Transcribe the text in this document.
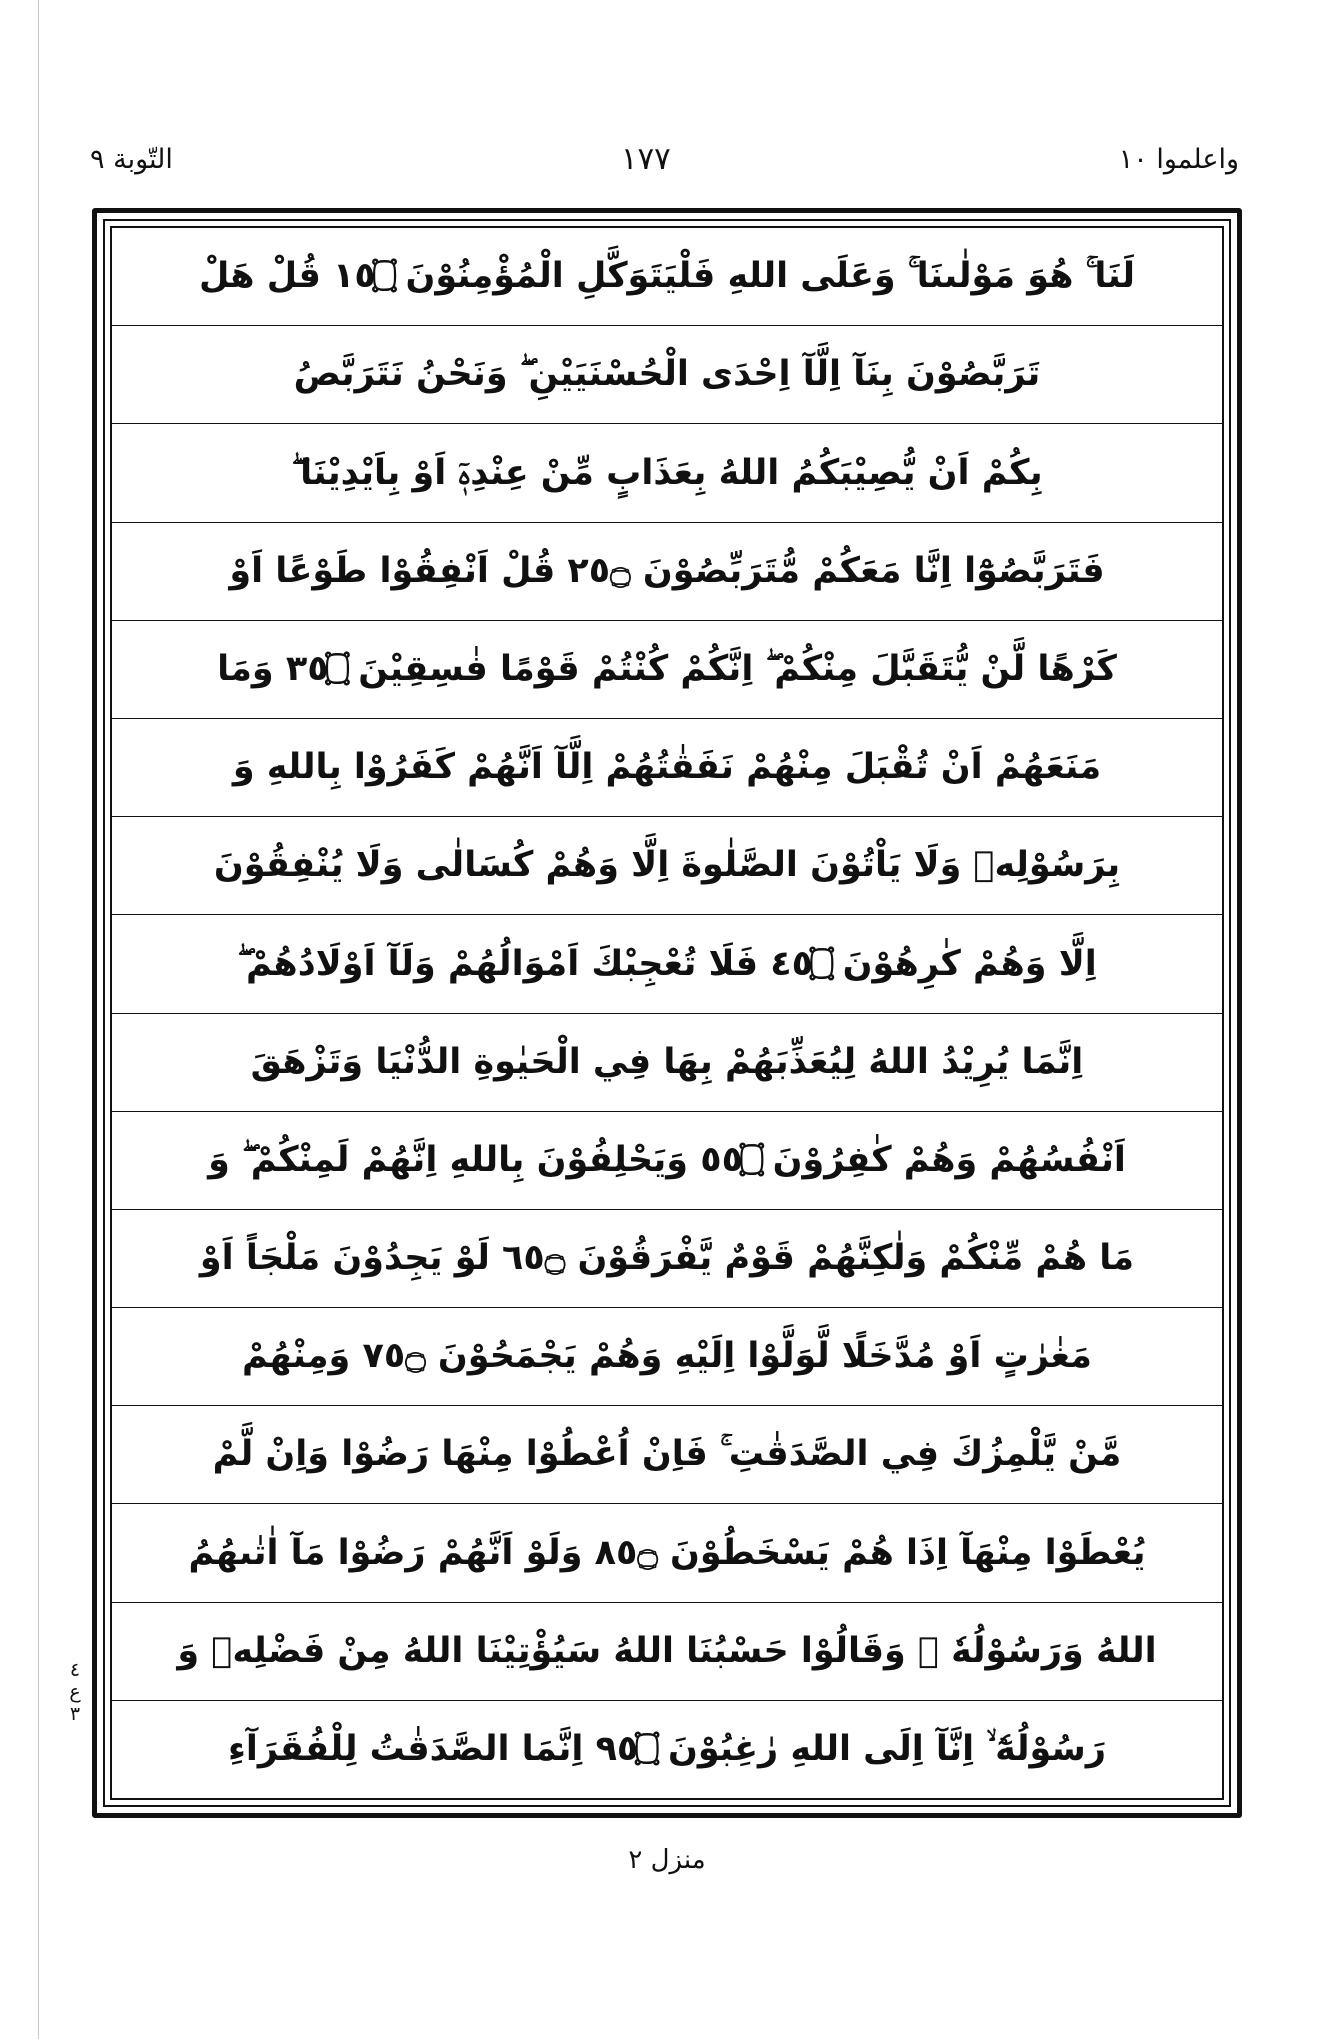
واعلموا ١٠
١٧٧
التّوبة ٩
٤
ع
٣
لَنَا ۚ هُوَ مَوْلٰىنَا ۚ وَعَلَى اللهِ فَلْيَتَوَكَّلِ الْمُؤْمِنُوْنَ ۝٥١ قُلْ هَلْ
تَرَبَّصُوْنَ بِنَآ اِلَّآ اِحْدَى الْحُسْنَيَيْنِ ۖ وَنَحْنُ نَتَرَبَّصُ
بِكُمْ اَنْ يُّصِيْبَكُمُ اللهُ بِعَذَابٍ مِّنْ عِنْدِهٖٓ اَوْ بِاَيْدِيْنَا ۖ
فَتَرَبَّصُوْٓا اِنَّا مَعَكُمْ مُّتَرَبِّصُوْنَ ۝٥٢ قُلْ اَنْفِقُوْا طَوْعًا اَوْ
كَرْهًا لَّنْ يُّتَقَبَّلَ مِنْكُمْ ۖ اِنَّكُمْ كُنْتُمْ قَوْمًا فٰسِقِيْنَ ۝٥٣ وَمَا
مَنَعَهُمْ اَنْ تُقْبَلَ مِنْهُمْ نَفَقٰتُهُمْ اِلَّآ اَنَّهُمْ كَفَرُوْا بِاللهِ وَ
بِرَسُوْلِهٖ وَلَا يَاْتُوْنَ الصَّلٰوةَ اِلَّا وَهُمْ كُسَالٰى وَلَا يُنْفِقُوْنَ
اِلَّا وَهُمْ كٰرِهُوْنَ ۝٥٤ فَلَا تُعْجِبْكَ اَمْوَالُهُمْ وَلَآ اَوْلَادُهُمْ ۖ
اِنَّمَا يُرِيْدُ اللهُ لِيُعَذِّبَهُمْ بِهَا فِي الْحَيٰوةِ الدُّنْيَا وَتَزْهَقَ
اَنْفُسُهُمْ وَهُمْ كٰفِرُوْنَ ۝٥٥ وَيَحْلِفُوْنَ بِاللهِ اِنَّهُمْ لَمِنْكُمْ ۖ وَ
مَا هُمْ مِّنْكُمْ وَلٰكِنَّهُمْ قَوْمٌ يَّفْرَقُوْنَ ۝٥٦ لَوْ يَجِدُوْنَ مَلْجَاً اَوْ
مَغٰرٰتٍ اَوْ مُدَّخَلًا لَّوَلَّوْا اِلَيْهِ وَهُمْ يَجْمَحُوْنَ ۝٥٧ وَمِنْهُمْ
مَّنْ يَّلْمِزُكَ فِي الصَّدَقٰتِ ۚ فَاِنْ اُعْطُوْا مِنْهَا رَضُوْا وَاِنْ لَّمْ
يُعْطَوْا مِنْهَآ اِذَا هُمْ يَسْخَطُوْنَ ۝٥٨ وَلَوْ اَنَّهُمْ رَضُوْا مَآ اٰتٰىهُمُ
اللهُ وَرَسُوْلُهٗ ۙ وَقَالُوْا حَسْبُنَا اللهُ سَيُؤْتِيْنَا اللهُ مِنْ فَضْلِهٖ وَ
رَسُوْلُهٗٓ ۙ اِنَّآ اِلَى اللهِ رٰغِبُوْنَ ۝٥٩ اِنَّمَا الصَّدَقٰتُ لِلْفُقَرَآءِ
منزل ٢
